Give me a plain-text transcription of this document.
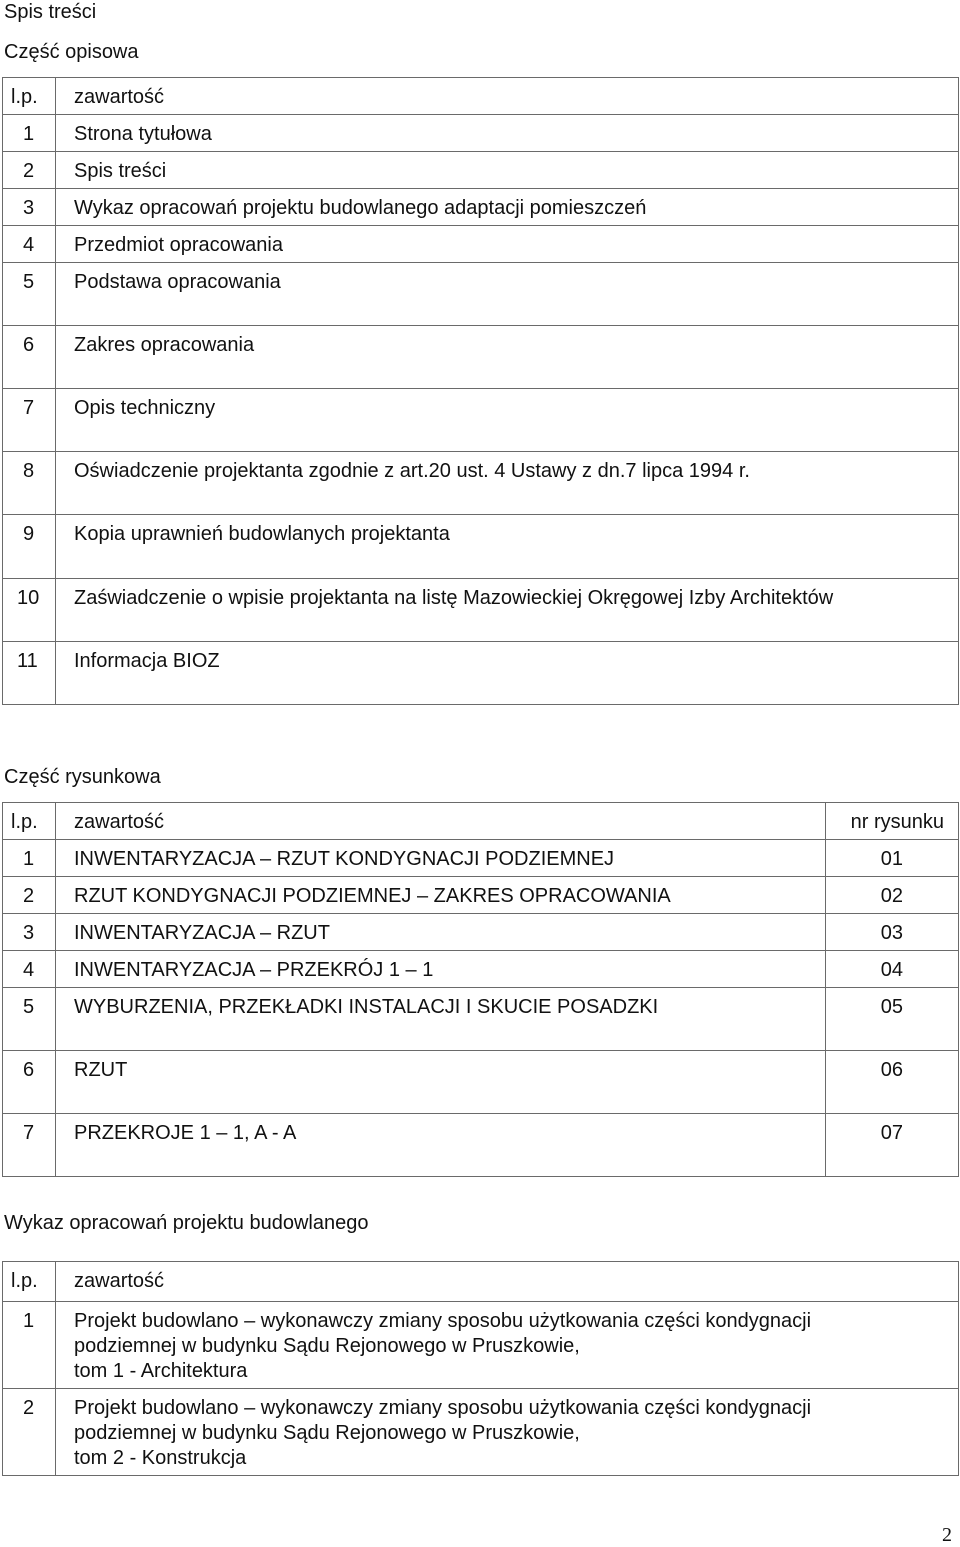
Spis treści
Część opisowa
l.p.	zawartość
1	Strona tytułowa
2	Spis treści
3	Wykaz opracowań projektu budowlanego adaptacji pomieszczeń
4	Przedmiot opracowania
5	Podstawa opracowania
6	Zakres opracowania
7	Opis techniczny
8	Oświadczenie projektanta zgodnie z art.20 ust. 4 Ustawy z dn.7 lipca 1994 r.
9	Kopia uprawnień budowlanych projektanta
10	Zaświadczenie o wpisie projektanta na listę Mazowieckiej Okręgowej Izby Architektów
11	Informacja BIOZ
Część rysunkowa
l.p.	zawartość	nr rysunku
1	INWENTARYZACJA – RZUT KONDYGNACJI PODZIEMNEJ	01
2	RZUT KONDYGNACJI PODZIEMNEJ – ZAKRES OPRACOWANIA	02
3	INWENTARYZACJA – RZUT	03
4	INWENTARYZACJA – PRZEKRÓJ 1 – 1	04
5	WYBURZENIA, PRZEKŁADKI INSTALACJI I SKUCIE POSADZKI	05
6	RZUT	06
7	PRZEKROJE 1 – 1, A - A	07
Wykaz opracowań projektu budowlanego
l.p.	zawartość
1	Projekt budowlano – wykonawczy zmiany sposobu użytkowania części kondygnacji
podziemnej w budynku Sądu Rejonowego w Pruszkowie,
tom 1 - Architektura

2	Projekt budowlano – wykonawczy zmiany sposobu użytkowania części kondygnacji
podziemnej w budynku Sądu Rejonowego w Pruszkowie,
tom 2 - Konstrukcja
2
